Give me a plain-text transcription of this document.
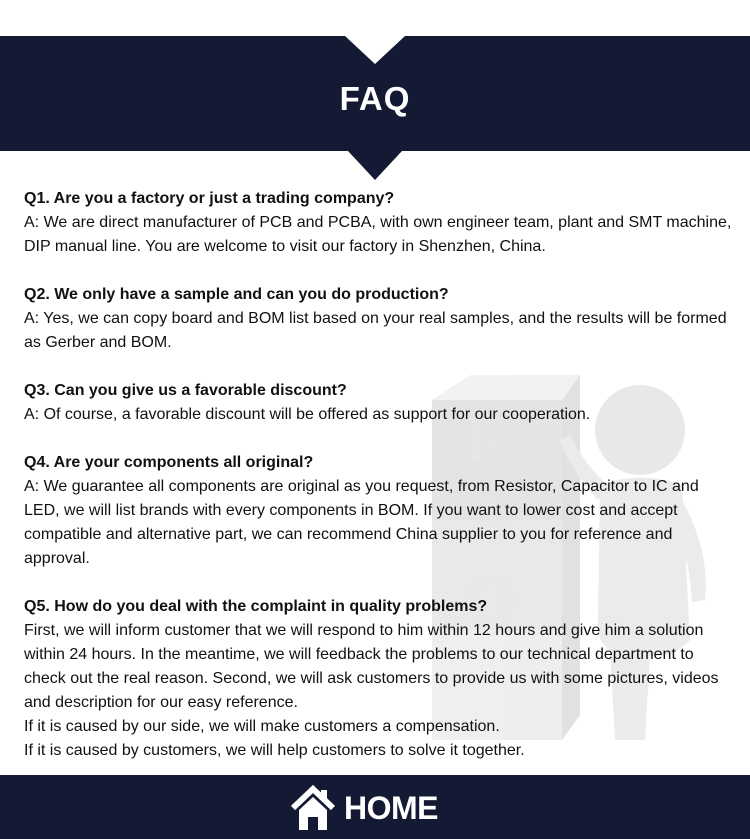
FAQ
F
A
Q
Q1. Are you a factory or just a trading company?
A: We are direct manufacturer of PCB and PCBA, with own engineer team, plant and SMT machine, DIP manual line. You are welcome to visit our factory in Shenzhen, China.
Q2. We only have a sample and can you do production?
A: Yes, we can copy board and BOM list based on your real samples, and the results will be formed as Gerber and BOM.
Q3. Can you give us a favorable discount?
A: Of course, a favorable discount will be offered as support for our cooperation.
Q4. Are your components all original?
A: We guarantee all components are original as you request, from Resistor, Capacitor to IC and LED, we will list brands with every components in BOM. If you want to lower cost and accept compatible and alternative part, we can recommend China supplier to you for reference and approval.
Q5. How do you deal with the complaint in quality problems?
First, we will inform customer that we will respond to him within 12 hours and give him a solution within 24 hours. In the meantime, we will feedback the problems to our technical department to check out the real reason. Second, we will ask customers to provide us with some pictures, videos and description for our easy reference.
If it is caused by our side, we will make customers a compensation.
If it is caused by customers, we will help customers to solve it together.
HOME
